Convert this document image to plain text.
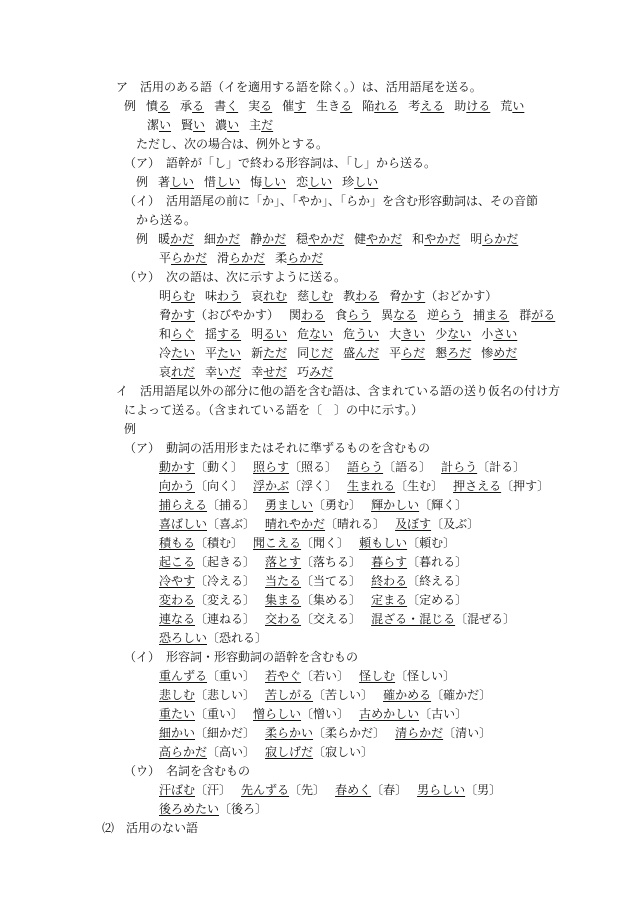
ア　活用のある語（イを適用する語を除く。）は、活用語尾を送る。
例 憤る 承る 書く 実る 催す 生きる 陥れる 考える 助ける 荒い
潔い 賢い 濃い 主だ
ただし、次の場合は、例外とする。
（ア）　語幹が「し」で終わる形容詞は、「し」から送る。
例 著しい 惜しい 悔しい 恋しい 珍しい
（イ）　活用語尾の前に「か」、「やか」、「らか」を含む形容動詞は、その音節
から送る。
例 暖かだ 細かだ 静かだ 穏やかだ 健やかだ 和やかだ 明らかだ
平らかだ 滑らかだ 柔らかだ
（ウ）　次の語は、次に示すように送る。
明らむ 味わう 哀れむ 慈しむ 教わる 脅かす（おどかす）
脅かす（おびやかす） 関わる 食らう 異なる 逆らう 捕まる 群がる
和らぐ 揺する 明るい 危ない 危うい 大きい 少ない 小さい
冷たい 平たい 新ただ 同じだ 盛んだ 平らだ 懇ろだ 惨めだ
哀れだ 幸いだ 幸せだ 巧みだ
イ　活用語尾以外の部分に他の語を含む語は、含まれている語の送り仮名の付け方
によって送る。（含まれている語を〔　〕の中に示す。）
例
（ア）　動詞の活用形またはそれに準ずるものを含むもの
動かす〔動く〕 照らす〔照る〕 語らう〔語る〕 計らう〔計る〕
向かう〔向く〕 浮かぶ〔浮く〕 生まれる〔生む〕 押さえる〔押す〕
捕らえる〔捕る〕 勇ましい〔勇む〕 輝かしい〔輝く〕
喜ばしい〔喜ぶ〕 晴れやかだ〔晴れる〕 及ぼす〔及ぶ〕
積もる〔積む〕 聞こえる〔聞く〕 頼もしい〔頼む〕
起こる〔起きる〕 落とす〔落ちる〕 暮らす〔暮れる〕
冷やす〔冷える〕 当たる〔当てる〕 終わる〔終える〕
変わる〔変える〕 集まる〔集める〕 定まる〔定める〕
連なる〔連ねる〕 交わる〔交える〕 混ざる・混じる〔混ぜる〕
恐ろしい〔恐れる〕
（イ）　形容詞・形容動詞の語幹を含むもの
重んずる〔重い〕 若やぐ〔若い〕 怪しむ〔怪しい〕
悲しむ〔悲しい〕 苦しがる〔苦しい〕 確かめる〔確かだ〕
重たい〔重い〕 憎らしい〔憎い〕 古めかしい〔古い〕
細かい〔細かだ〕 柔らかい〔柔らかだ〕 清らかだ〔清い〕
高らかだ〔高い〕 寂しげだ〔寂しい〕
（ウ）　名詞を含むもの
汗ばむ〔汗〕 先んずる〔先〕 春めく〔春〕 男らしい〔男〕
後ろめたい〔後ろ〕
⑵　活用のない語
